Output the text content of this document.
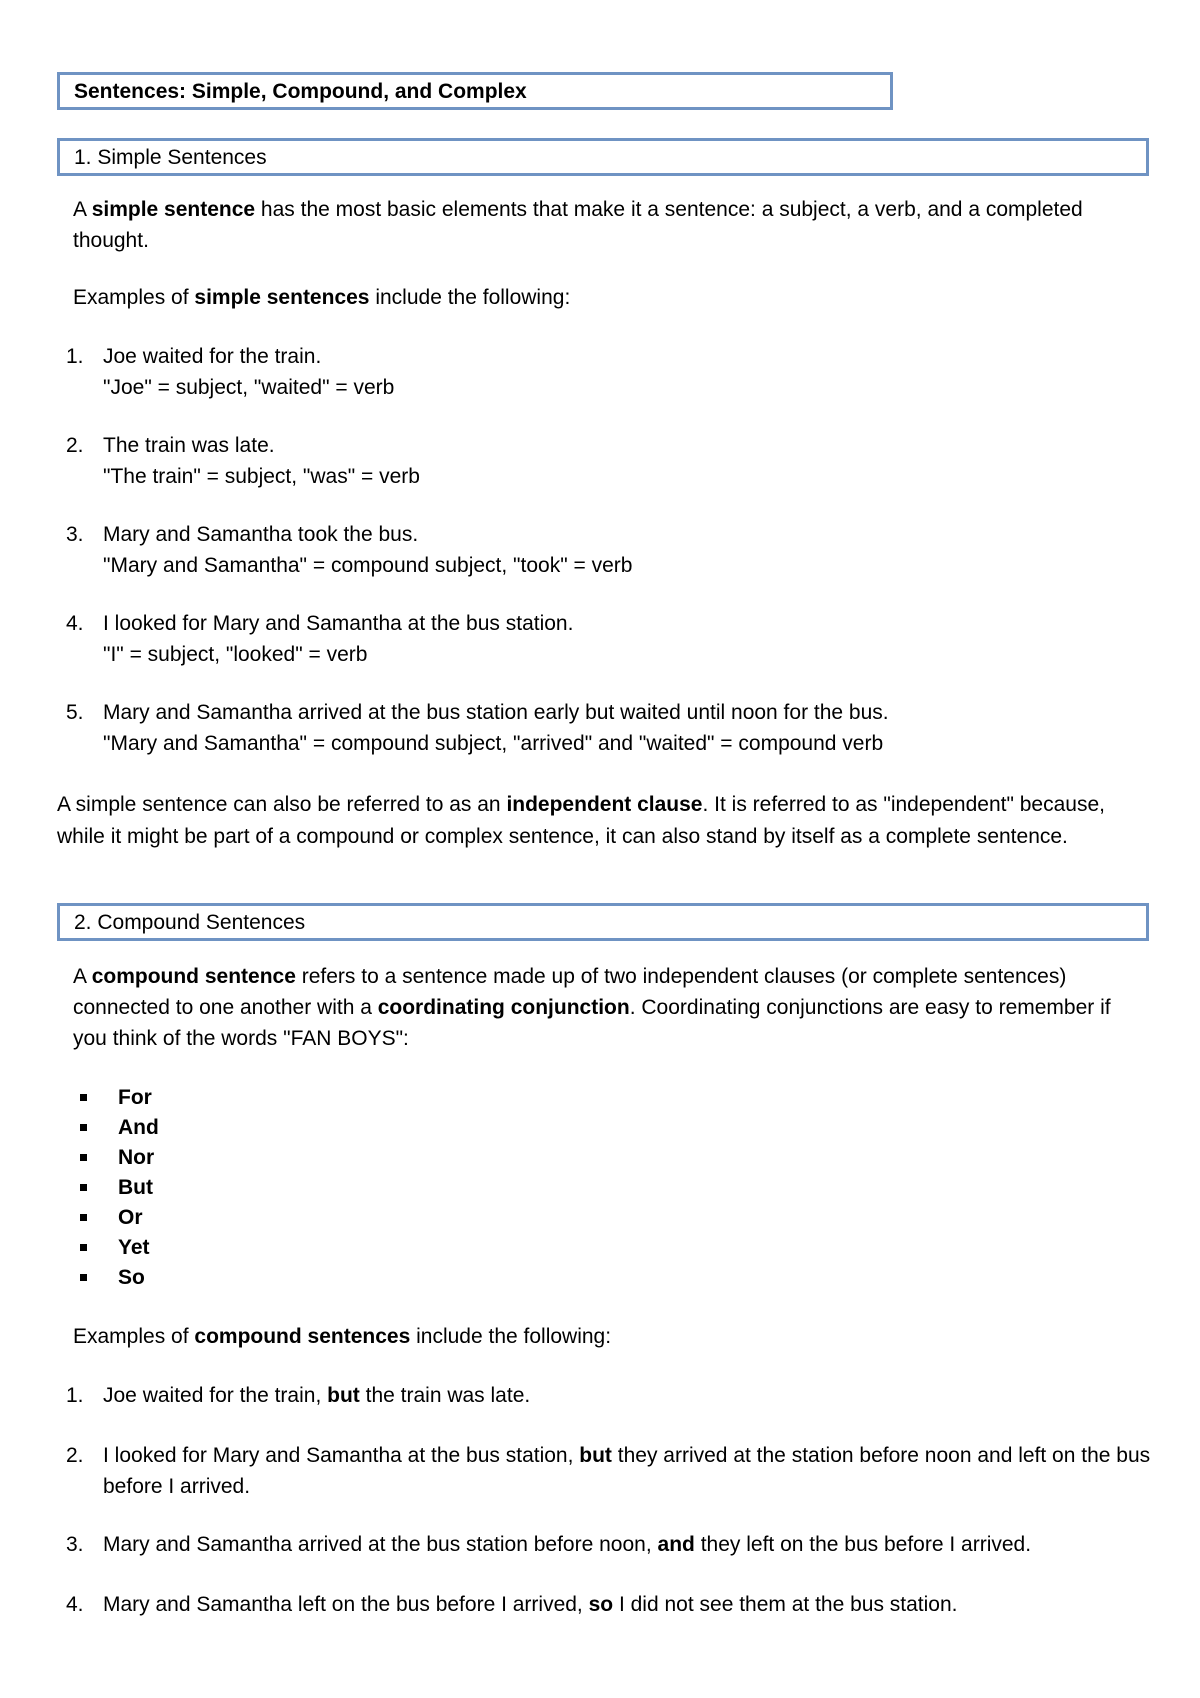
Sentences: Simple, Compound, and Complex
1. Simple Sentences
A simple sentence has the most basic elements that make it a sentence: a subject, a verb, and a completed thought.
Examples of simple sentences include the following:
1. Joe waited for the train.
"Joe" = subject, "waited" = verb
2. The train was late.
"The train" = subject, "was" = verb
3. Mary and Samantha took the bus.
"Mary and Samantha" = compound subject, "took" = verb
4. I looked for Mary and Samantha at the bus station.
"I" = subject, "looked" = verb
5. Mary and Samantha arrived at the bus station early but waited until noon for the bus.
"Mary and Samantha" = compound subject, "arrived" and "waited" = compound verb
A simple sentence can also be referred to as an independent clause. It is referred to as "independent" because, while it might be part of a compound or complex sentence, it can also stand by itself as a complete sentence.
2. Compound Sentences
A compound sentence refers to a sentence made up of two independent clauses (or complete sentences) connected to one another with a coordinating conjunction. Coordinating conjunctions are easy to remember if you think of the words "FAN BOYS":
For
And
Nor
But
Or
Yet
So
Examples of compound sentences include the following:
1. Joe waited for the train, but the train was late.
2. I looked for Mary and Samantha at the bus station, but they arrived at the station before noon and left on the bus before I arrived.
3. Mary and Samantha arrived at the bus station before noon, and they left on the bus before I arrived.
4. Mary and Samantha left on the bus before I arrived, so I did not see them at the bus station.
